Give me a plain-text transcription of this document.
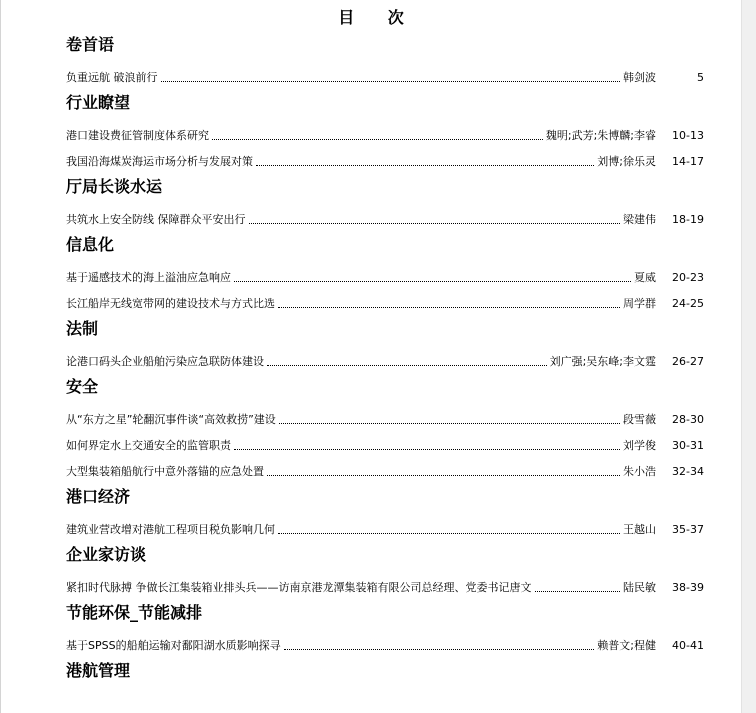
目 次
卷首语
负重远航 破浪前行	韩剑波	5
行业瞭望
港口建设费征管制度体系研究	魏明;武芳;朱博麟;李睿	10-13
我国沿海煤炭海运市场分析与发展对策	刘博;徐乐灵	14-17
厅局长谈水运
共筑水上安全防线 保障群众平安出行	梁建伟	18-19
信息化
基于遥感技术的海上溢油应急响应	夏威	20-23
长江船岸无线宽带网的建设技术与方式比选	周学群	24-25
法制
论港口码头企业船舶污染应急联防体建设	刘广强;吴东峰;李文霆	26-27
安全
从“东方之星”轮翻沉事件谈“高效救捞”建设	段雪薇	28-30
如何界定水上交通安全的监管职责	刘学俊	30-31
大型集装箱船航行中意外落锚的应急处置	朱小浩	32-34
港口经济
建筑业营改增对港航工程项目税负影响几何	王越山	35-37
企业家访谈
紧扣时代脉搏 争做长江集装箱业排头兵——访南京港龙潭集装箱有限公司总经理、党委书记唐文	陆民敏	38-39
节能环保_节能减排
基于SPSS的船舶运输对鄱阳湖水质影响探寻	赖普文;程健	40-41
港航管理
